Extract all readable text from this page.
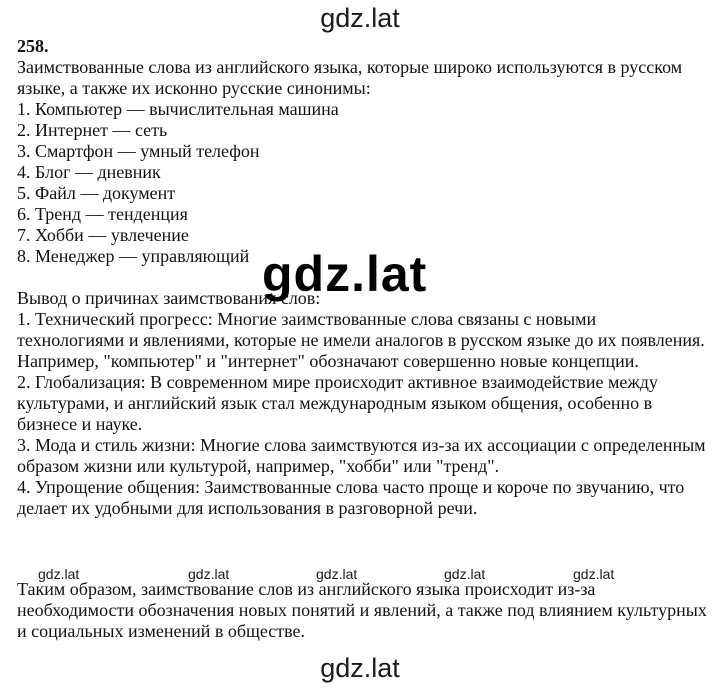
gdz.lat

258.

Заимствованные слова из английского языка, которые широко используются в русском языке, а также их исконно русские синонимы:

1. Компьютер — вычислительная машина
2. Интернет — сеть
3. Смартфон — умный телефон
4. Блог — дневник
5. Файл — документ
6. Тренд — тенденция
7. Хобби — увлечение
8. Менеджер — управляющий

Вывод о причинах заимствования слов:

1. Технический прогресс: Многие заимствованные слова связаны с новыми технологиями и явлениями, которые не имели аналогов в русском языке до их появления. Например, "компьютер" и "интернет" обозначают совершенно новые концепции.
2. Глобализация: В современном мире происходит активное взаимодействие между культурами, и английский язык стал международным языком общения, особенно в бизнесе и науке.
3. Мода и стиль жизни: Многие слова заимствуются из-за их ассоциации с определенным образом жизни или культурой, например, "хобби" или "тренд".
4. Упрощение общения: Заимствованные слова часто проще и короче по звучанию, что делает их удобными для использования в разговорной речи.
gdz.lat
gdz.lat	gdz.lat	gdz.lat	gdz.lat	gdz.lat

Таким образом, заимствование слов из английского языка происходит из-за необходимости обозначения новых понятий и явлений, а также под влиянием культурных и социальных изменений в обществе.

gdz.lat
